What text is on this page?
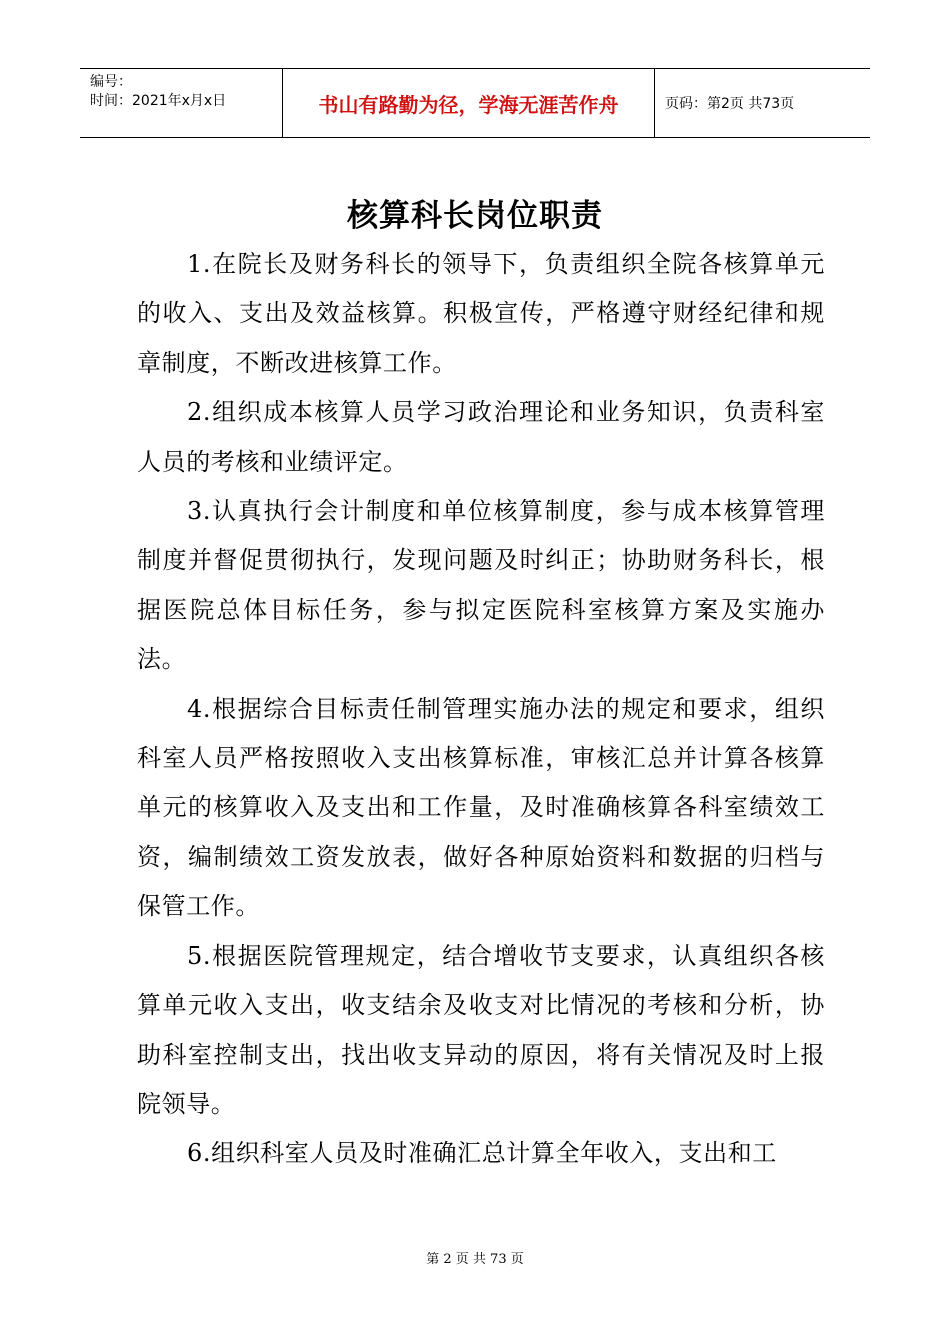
编号：
时间：2021年x月x日	书山有路勤为径，学海无涯苦作舟	页码：第2页 共73页
核算科长岗位职责

1.在院长及财务科长的领导下，负责组织全院各核算单元的收入、支出及效益核算。积极宣传，严格遵守财经纪律和规章制度，不断改进核算工作。

2.组织成本核算人员学习政治理论和业务知识，负责科室人员的考核和业绩评定。

3.认真执行会计制度和单位核算制度，参与成本核算管理制度并督促贯彻执行，发现问题及时纠正；协助财务科长，根据医院总体目标任务，参与拟定医院科室核算方案及实施办法。

4.根据综合目标责任制管理实施办法的规定和要求，组织科室人员严格按照收入支出核算标准，审核汇总并计算各核算单元的核算收入及支出和工作量，及时准确核算各科室绩效工资，编制绩效工资发放表，做好各种原始资料和数据的归档与保管工作。

5.根据医院管理规定，结合增收节支要求，认真组织各核算单元收入支出，收支结余及收支对比情况的考核和分析，协助科室控制支出，找出收支异动的原因，将有关情况及时上报院领导。

6.组织科室人员及时准确汇总计算全年收入，支出和工

第 2 页 共 73 页
